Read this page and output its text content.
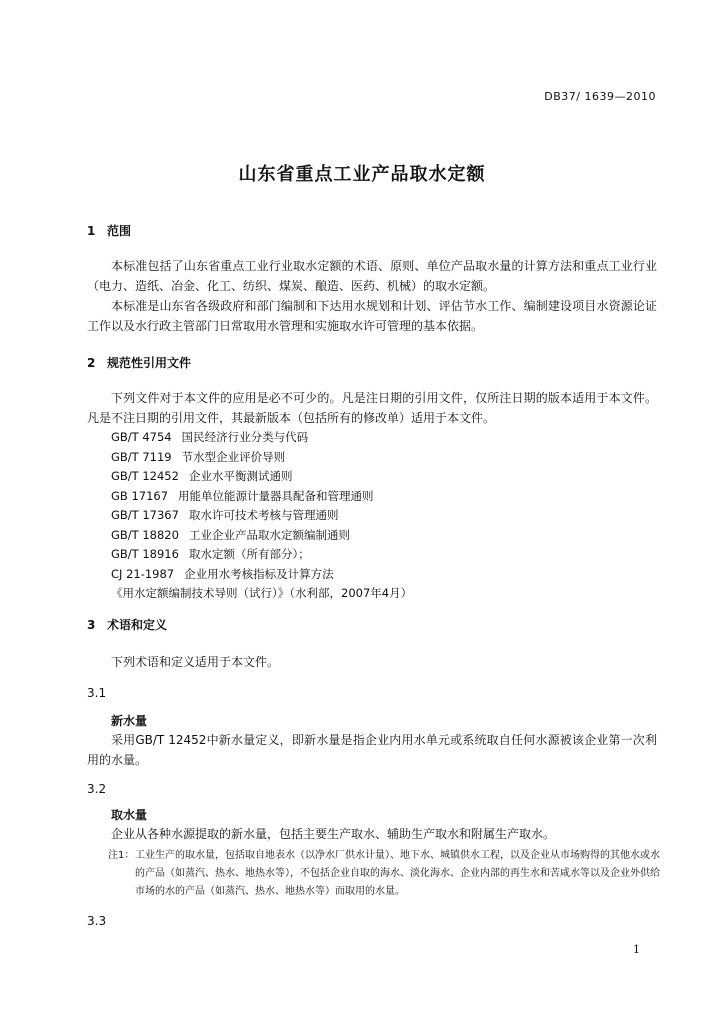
DB37/ 1639—2010
山东省重点工业产品取水定额
1 范围
本标准包括了山东省重点工业行业取水定额的术语、原则、单位产品取水量的计算方法和重点工业行业（电力、造纸、冶金、化工、纺织、煤炭、酿造、医药、机械）的取水定额。
本标准是山东省各级政府和部门编制和下达用水规划和计划、评估节水工作、编制建设项目水资源论证工作以及水行政主管部门日常取用水管理和实施取水许可管理的基本依据。
2 规范性引用文件
下列文件对于本文件的应用是必不可少的。凡是注日期的引用文件，仅所注日期的版本适用于本文件。凡是不注日期的引用文件，其最新版本（包括所有的修改单）适用于本文件。
GB/T 4754 国民经济行业分类与代码
GB/T 7119 节水型企业评价导则
GB/T 12452 企业水平衡测试通则
GB 17167 用能单位能源计量器具配备和管理通则
GB/T 17367 取水许可技术考核与管理通则
GB/T 18820 工业企业产品取水定额编制通则
GB/T 18916 取水定额（所有部分）；
CJ 21-1987 企业用水考核指标及计算方法
《用水定额编制技术导则（试行）》（水利部，2007年4月）
3 术语和定义
下列术语和定义适用于本文件。
3.1
新水量
采用GB/T 12452中新水量定义，即新水量是指企业内用水单元或系统取自任何水源被该企业第一次利用的水量。
3.2
取水量
企业从各种水源提取的新水量，包括主要生产取水、辅助生产取水和附属生产取水。
注1： 工业生产的取水量，包括取自地表水（以净水厂供水计量）、地下水、城镇供水工程，以及企业从市场购得的其他水或水的产品（如蒸汽、热水、地热水等），不包括企业自取的海水、淡化海水、企业内部的再生水和苦咸水等以及企业外供给市场的水的产品（如蒸汽、热水、地热水等）而取用的水量。
3.3
1
